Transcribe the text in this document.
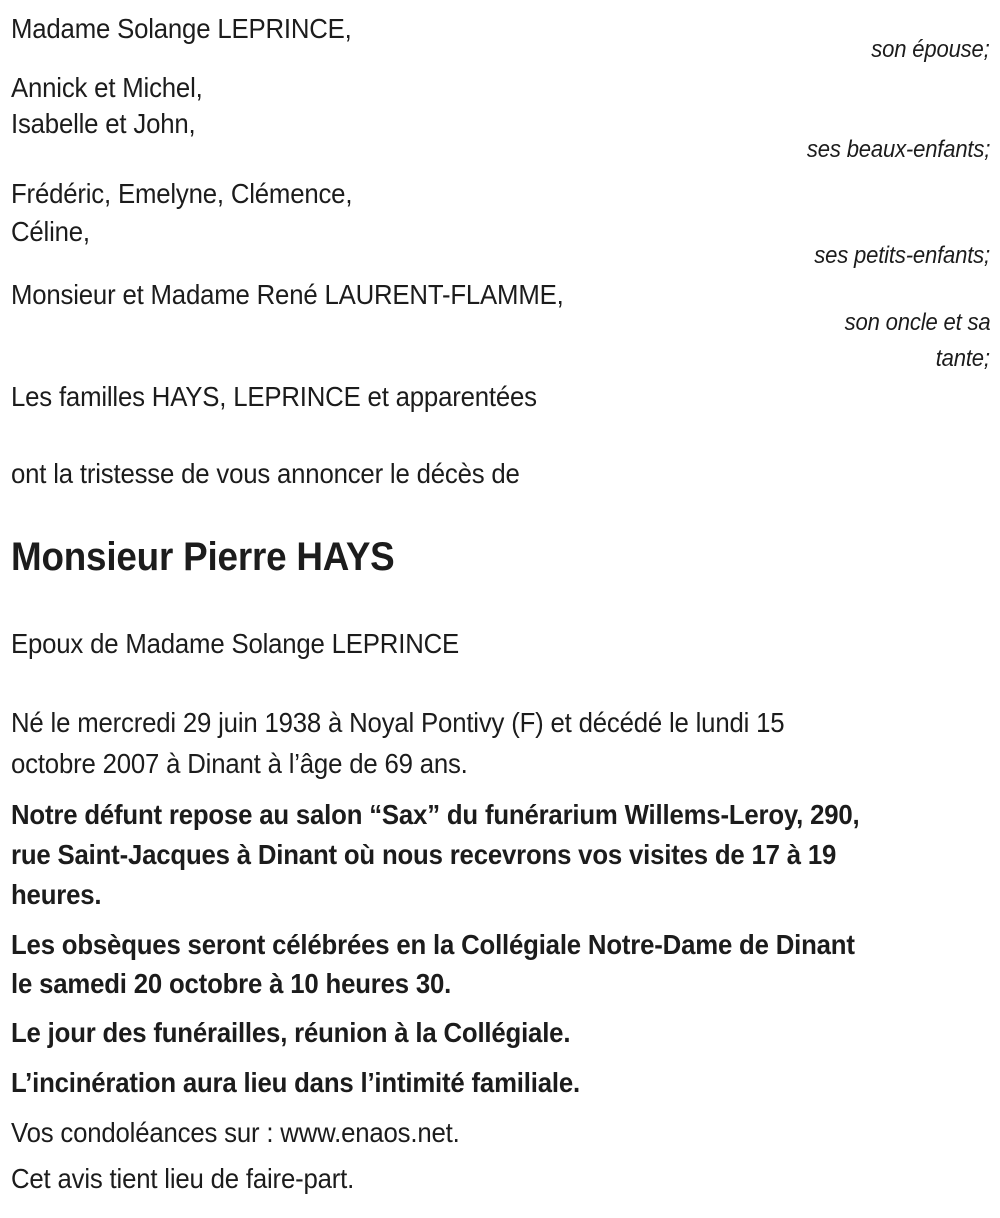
Madame Solange LEPRINCE,
son épouse;
Annick et Michel,
Isabelle et John,
ses beaux-enfants;
Frédéric, Emelyne, Clémence,
Céline,
ses petits-enfants;
Monsieur et Madame René LAURENT-FLAMME,
son oncle et sa
tante;
Les familles HAYS, LEPRINCE et apparentées
ont la tristesse de vous annoncer le décès de
Monsieur Pierre HAYS
Epoux de Madame Solange LEPRINCE
Né le mercredi 29 juin 1938 à Noyal Pontivy (F) et décédé le lundi 15
octobre 2007 à Dinant à l’âge de 69 ans.
Notre défunt repose au salon “Sax” du funérarium Willems-Leroy, 290,
rue Saint-Jacques à Dinant où nous recevrons vos visites de 17 à 19
heures.
Les obsèques seront célébrées en la Collégiale Notre-Dame de Dinant
le samedi 20 octobre à 10 heures 30.
Le jour des funérailles, réunion à la Collégiale.
L’incinération aura lieu dans l’intimité familiale.
Vos condoléances sur : www.enaos.net.
Cet avis tient lieu de faire-part.
